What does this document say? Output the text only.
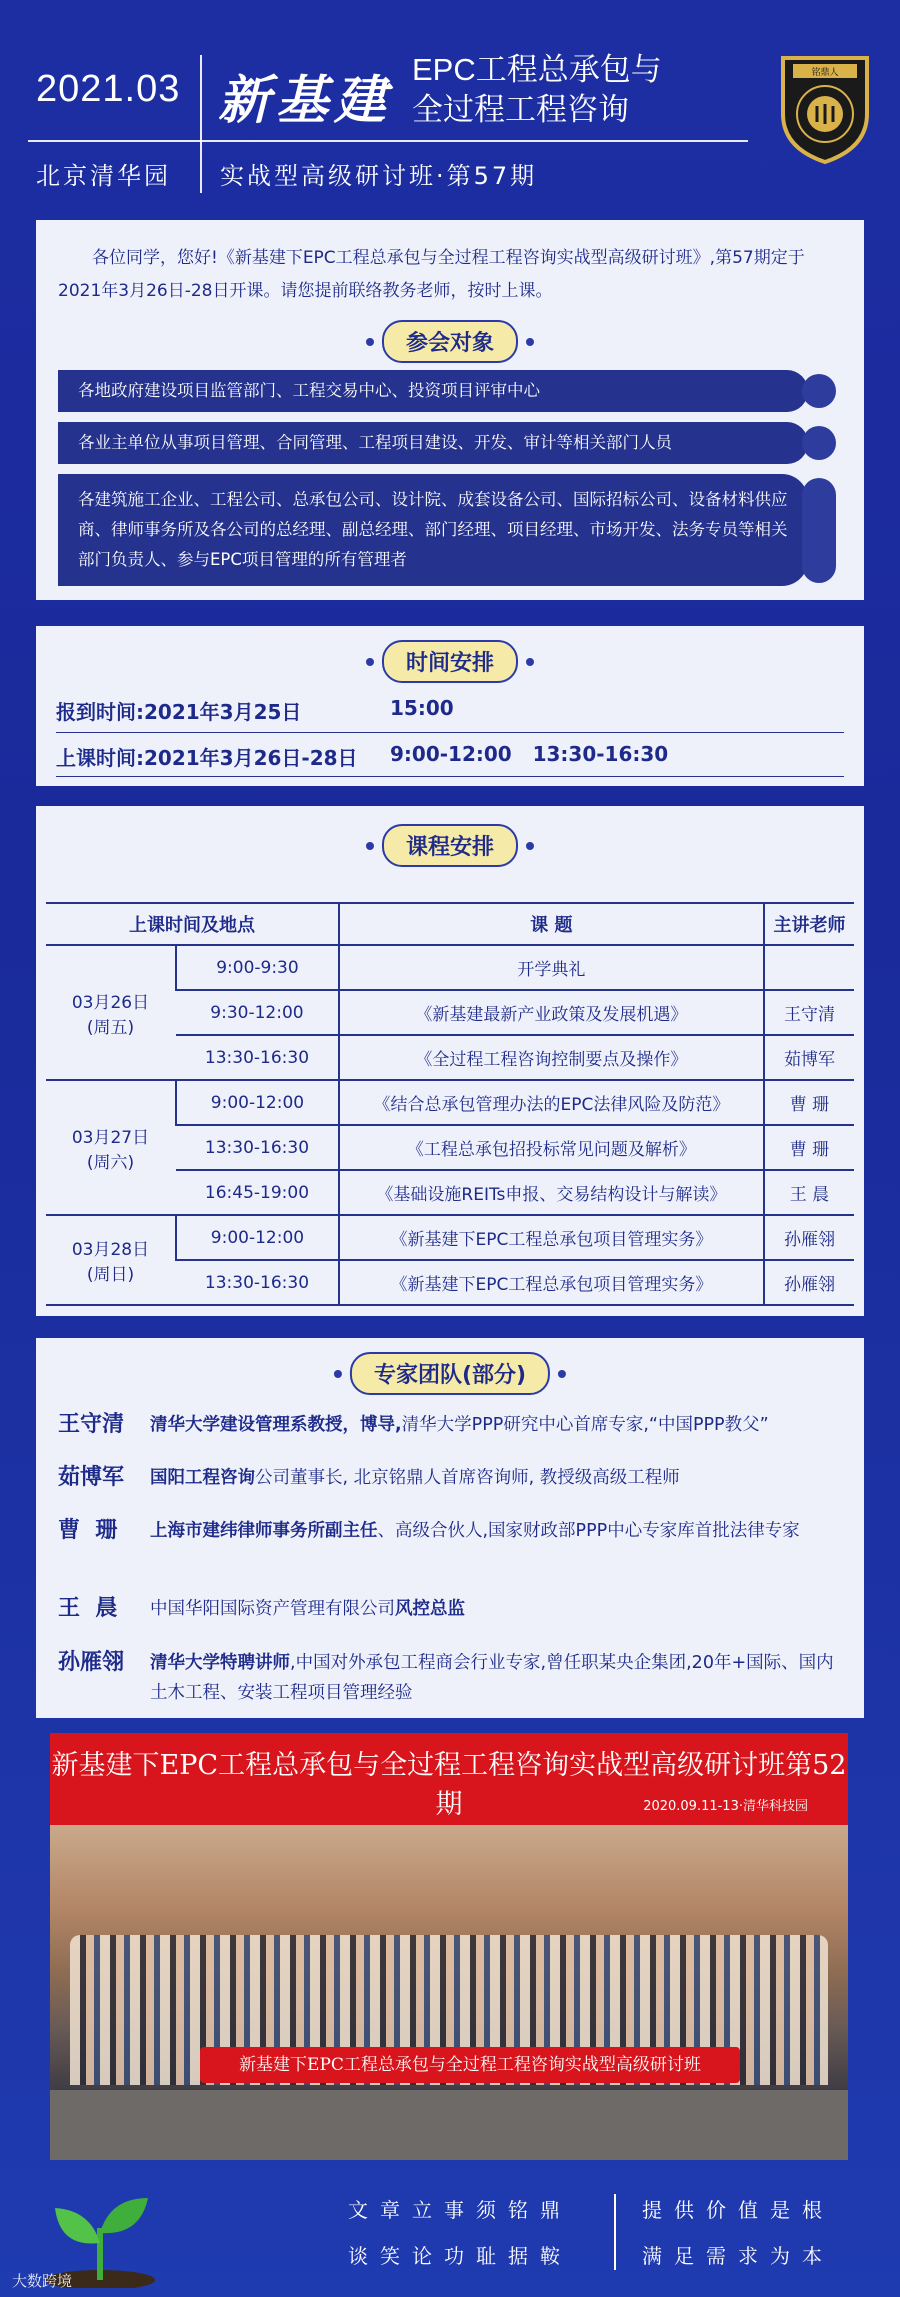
2021.03
北京清华园
新基建
EPC工程总承包与
全过程工程咨询
实战型高级研讨班·第57期
铭鼎人

各位同学，您好!《新基建下EPC工程总承包与全过程工程咨询实战型高级研讨班》,第57期定于2021年3月26日-28日开课。请您提前联络教务老师，按时上课。

参会对象
各地政府建设项目监管部门、工程交易中心、投资项目评审中心
各业主单位从事项目管理、合同管理、工程项目建设、开发、审计等相关部门人员
各建筑施工企业、工程公司、总承包公司、设计院、成套设备公司、国际招标公司、设备材料供应商、律师事务所及各公司的总经理、副总经理、部门经理、项目经理、市场开发、法务专员等相关部门负责人、参与EPC项目管理的所有管理者
时间安排
报到时间:2021年3月25日	15:00
上课时间:2021年3月26日-28日 9:00-12:00   13:30-16:30
课程安排
上课时间及地点		课 题	主讲老师
03月26日
(周五)	9:00-9:30	开学典礼	
	9:30-12:00	《新基建最新产业政策及发展机遇》	王守清
	13:30-16:30	《全过程工程咨询控制要点及操作》	茹博军
03月27日
(周六)	9:00-12:00	《结合总承包管理办法的EPC法律风险及防范》	曹 珊
	13:30-16:30	《工程总承包招投标常见问题及解析》	曹 珊
	16:45-19:00	《基础设施REITs申报、交易结构设计与解读》	王 晨
03月28日
(周日)	9:00-12:00	《新基建下EPC工程总承包项目管理实务》	孙雁翎
	13:30-16:30	《新基建下EPC工程总承包项目管理实务》	孙雁翎
专家团队(部分)
王守清	清华大学建设管理系教授，博导,清华大学PPP研究中心首席专家,“中国PPP教父”
茹博军	国阳工程咨询公司董事长, 北京铭鼎人首席咨询师, 教授级高级工程师
曹  珊	上海市建纬律师事务所副主任、高级合伙人,国家财政部PPP中心专家库首批法律专家
王  晨	中国华阳国际资产管理有限公司风控总监
孙雁翎	清华大学特聘讲师,中国对外承包工程商会行业专家,曾任职某央企集团,20年+国际、国内土木工程、安装工程项目管理经验
新基建下EPC工程总承包与全过程工程咨询实战型高级研讨班第52期	2020.09.11-13·清华科技园
新基建下EPC工程总承包与全过程工程咨询实战型高级研讨班
文章立事须铭鼎
谈笑论功耻据鞍
提供价值是根
满足需求为本
大数跨境
